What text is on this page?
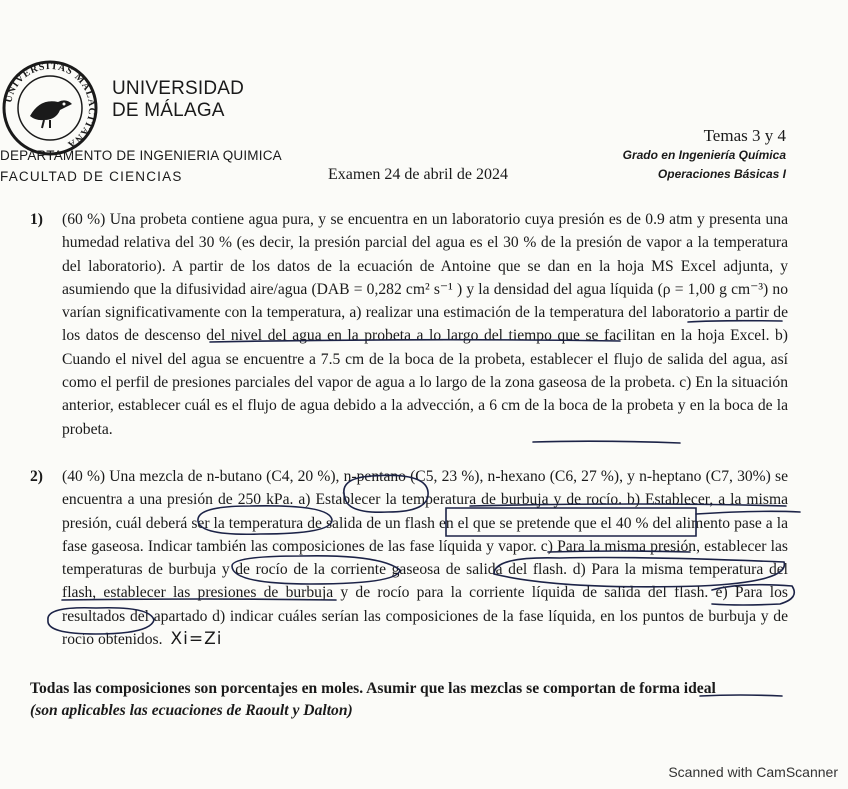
UNIVERSITAS MALACITANA
UNIVERSIDAD
DE MÁLAGA
Temas 3 y 4
DEPARTAMENTO DE INGENIERIA QUIMICA
FACULTAD DE CIENCIAS	Examen 24 de abril de 2024
Grado en Ingeniería Química
Operaciones Básicas I
1) (60 %) Una probeta contiene agua pura, y se encuentra en un laboratorio cuya presión es de 0.9 atm y presenta una humedad relativa del 30 % (es decir, la presión parcial del agua es el 30 % de la presión de vapor a la temperatura del laboratorio). A partir de los datos de la ecuación de Antoine que se dan en la hoja MS Excel adjunta, y asumiendo que la difusividad aire/agua (DAB = 0,282 cm² s⁻¹ ) y la densidad del agua líquida (ρ = 1,00 g cm⁻³) no varían significativamente con la temperatura, a) realizar una estimación de la temperatura del laboratorio a partir de los datos de descenso del nivel del agua en la probeta a lo largo del tiempo que se facilitan en la hoja Excel. b) Cuando el nivel del agua se encuentre a 7.5 cm de la boca de la probeta, establecer el flujo de salida del agua, así como el perfil de presiones parciales del vapor de agua a lo largo de la zona gaseosa de la probeta. c) En la situación anterior, establecer cuál es el flujo de agua debido a la advección, a 6 cm de la boca de la probeta y en la boca de la probeta.
2) (40 %) Una mezcla de n-butano (C4, 20 %), n-pentano (C5, 23 %), n-hexano (C6, 27 %), y n-heptano (C7, 30%) se encuentra a una presión de 250 kPa. a) Establecer la temperatura de burbuja y de rocío. b) Establecer, a la misma presión, cuál deberá ser la temperatura de salida de un flash en el que se pretende que el 40 % del alimento pase a la fase gaseosa. Indicar también las composiciones de las fase líquida y vapor. c) Para la misma presión, establecer las temperaturas de burbuja y de rocío de la corriente gaseosa de salida del flash. d) Para la misma temperatura del flash, establecer las presiones de burbuja y de rocío para la corriente líquida de salida del flash. e) Para los resultados del apartado d) indicar cuáles serían las composiciones de la fase líquida, en los puntos de burbuja y de rocío obtenidos. Xi=Zi
Todas las composiciones son porcentajes en moles. Asumir que las mezclas se comportan de forma ideal
(son aplicables las ecuaciones de Raoult y Dalton)
Scanned with CamScanner
